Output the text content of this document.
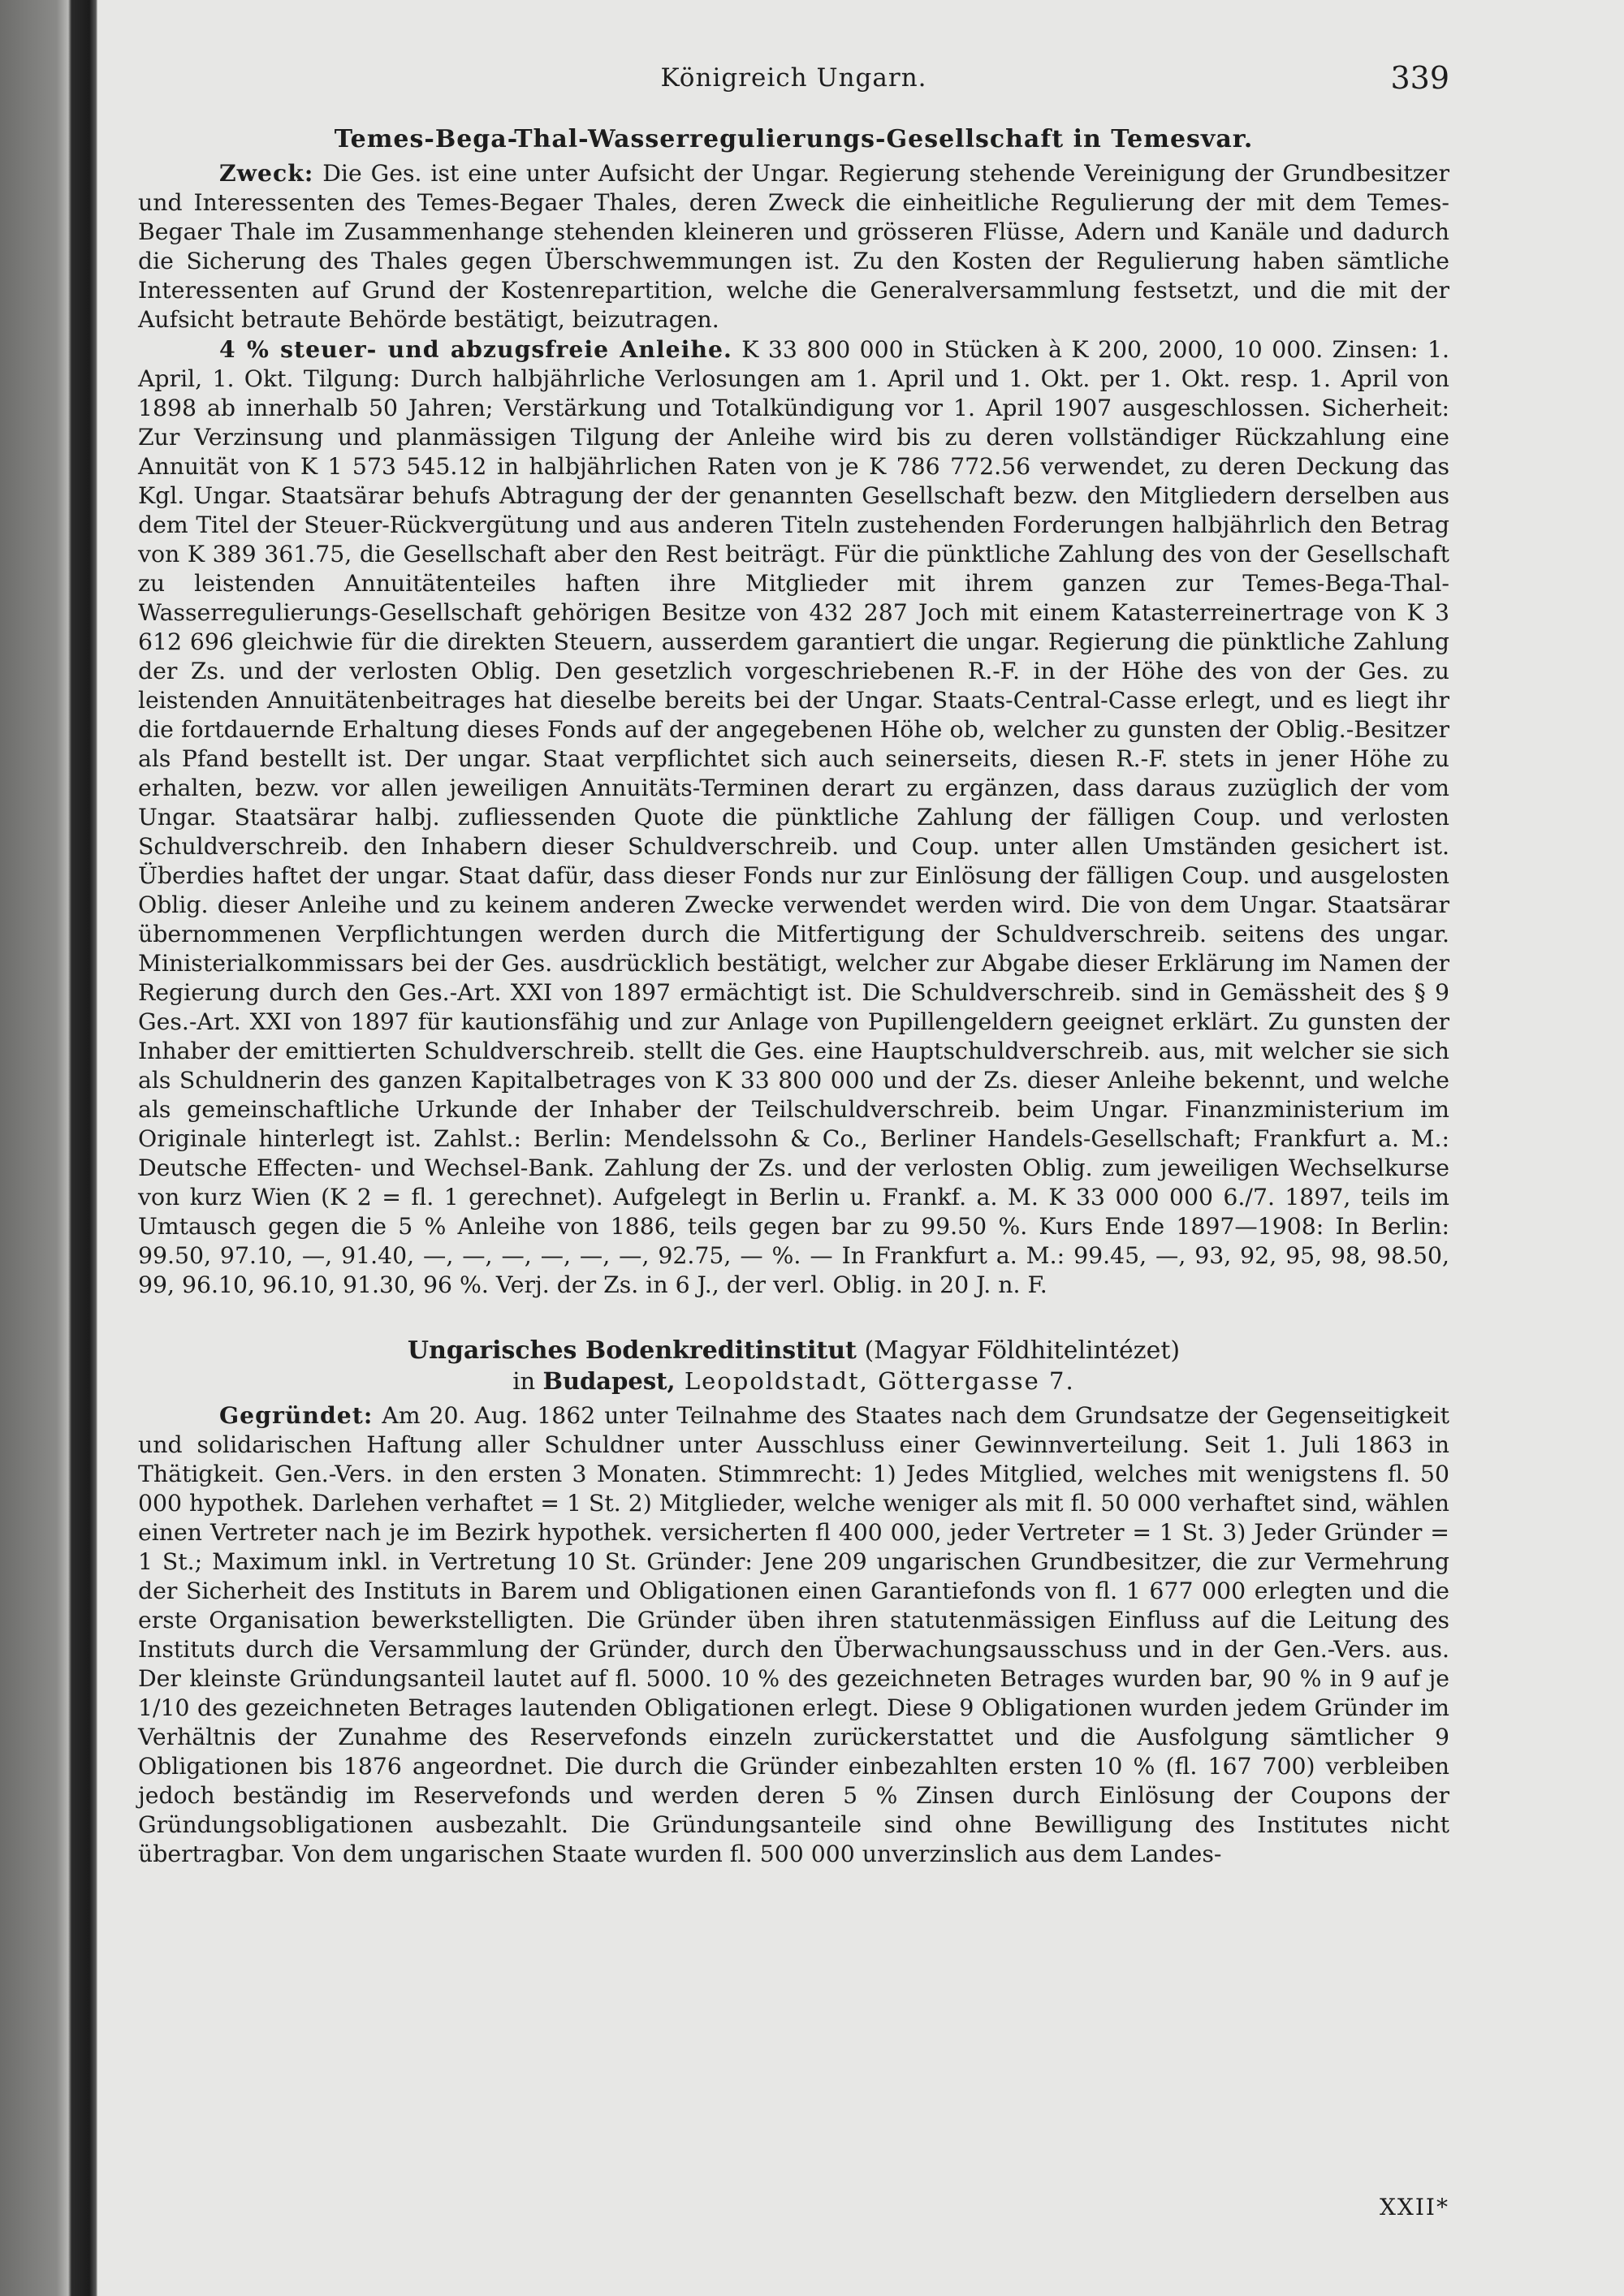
Königreich Ungarn.	339
Temes-Bega-Thal-Wasserregulierungs-Gesellschaft in Temesvar.

Zweck: Die Ges. ist eine unter Aufsicht der Ungar. Regierung stehende Vereinigung der Grundbesitzer und Interessenten des Temes-Begaer Thales, deren Zweck die einheitliche Regulierung der mit dem Temes-Begaer Thale im Zusammenhange stehenden kleineren und grösseren Flüsse, Adern und Kanäle und dadurch die Sicherung des Thales gegen Überschwemmungen ist. Zu den Kosten der Regulierung haben sämtliche Interessenten auf Grund der Kostenrepartition, welche die Generalversammlung festsetzt, und die mit der Aufsicht betraute Behörde bestätigt, beizutragen.

4 % steuer- und abzugsfreie Anleihe. K 33 800 000 in Stücken à K 200, 2000, 10 000. Zinsen: 1. April, 1. Okt. Tilgung: Durch halbjährliche Verlosungen am 1. April und 1. Okt. per 1. Okt. resp. 1. April von 1898 ab innerhalb 50 Jahren; Verstärkung und Totalkündigung vor 1. April 1907 ausgeschlossen. Sicherheit: Zur Verzinsung und planmässigen Tilgung der Anleihe wird bis zu deren vollständiger Rückzahlung eine Annuität von K 1 573 545.12 in halbjährlichen Raten von je K 786 772.56 verwendet, zu deren Deckung das Kgl. Ungar. Staatsärar behufs Abtragung der der genannten Gesellschaft bezw. den Mitgliedern derselben aus dem Titel der Steuer-Rückvergütung und aus anderen Titeln zustehenden Forderungen halbjährlich den Betrag von K 389 361.75, die Gesellschaft aber den Rest beiträgt. Für die pünktliche Zahlung des von der Gesellschaft zu leistenden Annuitätenteiles haften ihre Mitglieder mit ihrem ganzen zur Temes-Bega-Thal-Wasserregulierungs-Gesellschaft gehörigen Besitze von 432 287 Joch mit einem Katasterreinertrage von K 3 612 696 gleichwie für die direkten Steuern, ausserdem garantiert die ungar. Regierung die pünktliche Zahlung der Zs. und der verlosten Oblig. Den gesetzlich vorgeschriebenen R.-F. in der Höhe des von der Ges. zu leistenden Annuitätenbeitrages hat dieselbe bereits bei der Ungar. Staats-Central-Casse erlegt, und es liegt ihr die fortdauernde Erhaltung dieses Fonds auf der angegebenen Höhe ob, welcher zu gunsten der Oblig.-Besitzer als Pfand bestellt ist. Der ungar. Staat verpflichtet sich auch seinerseits, diesen R.-F. stets in jener Höhe zu erhalten, bezw. vor allen jeweiligen Annuitäts-Terminen derart zu ergänzen, dass daraus zuzüglich der vom Ungar. Staatsärar halbj. zufliessenden Quote die pünktliche Zahlung der fälligen Coup. und verlosten Schuldverschreib. den Inhabern dieser Schuldverschreib. und Coup. unter allen Umständen gesichert ist. Überdies haftet der ungar. Staat dafür, dass dieser Fonds nur zur Einlösung der fälligen Coup. und ausgelosten Oblig. dieser Anleihe und zu keinem anderen Zwecke verwendet werden wird. Die von dem Ungar. Staatsärar übernommenen Verpflichtungen werden durch die Mitfertigung der Schuldverschreib. seitens des ungar. Ministerialkommissars bei der Ges. ausdrücklich bestätigt, welcher zur Abgabe dieser Erklärung im Namen der Regierung durch den Ges.-Art. XXI von 1897 ermächtigt ist. Die Schuldverschreib. sind in Gemässheit des § 9 Ges.-Art. XXI von 1897 für kautionsfähig und zur Anlage von Pupillengeldern geeignet erklärt. Zu gunsten der Inhaber der emittierten Schuldverschreib. stellt die Ges. eine Hauptschuldverschreib. aus, mit welcher sie sich als Schuldnerin des ganzen Kapitalbetrages von K 33 800 000 und der Zs. dieser Anleihe bekennt, und welche als gemeinschaftliche Urkunde der Inhaber der Teilschuldverschreib. beim Ungar. Finanzministerium im Originale hinterlegt ist. Zahlst.: Berlin: Mendelssohn & Co., Berliner Handels-Gesellschaft; Frankfurt a. M.: Deutsche Effecten- und Wechsel-Bank. Zahlung der Zs. und der verlosten Oblig. zum jeweiligen Wechselkurse von kurz Wien (K 2 = fl. 1 gerechnet). Aufgelegt in Berlin u. Frankf. a. M. K 33 000 000 6./7. 1897, teils im Umtausch gegen die 5 % Anleihe von 1886, teils gegen bar zu 99.50 %. Kurs Ende 1897—1908: In Berlin: 99.50, 97.10, —, 91.40, —, —, —, —, —, —, 92.75, — %. — In Frankfurt a. M.: 99.45, —, 93, 92, 95, 98, 98.50, 99, 96.10, 96.10, 91.30, 96 %. Verj. der Zs. in 6 J., der verl. Oblig. in 20 J. n. F.

Ungarisches Bodenkreditinstitut (Magyar Földhitelintézet)
in Budapest, Leopoldstadt, Göttergasse 7.

Gegründet: Am 20. Aug. 1862 unter Teilnahme des Staates nach dem Grundsatze der Gegenseitigkeit und solidarischen Haftung aller Schuldner unter Ausschluss einer Gewinnverteilung. Seit 1. Juli 1863 in Thätigkeit. Gen.-Vers. in den ersten 3 Monaten. Stimmrecht: 1) Jedes Mitglied, welches mit wenigstens fl. 50 000 hypothek. Darlehen verhaftet = 1 St. 2) Mitglieder, welche weniger als mit fl. 50 000 verhaftet sind, wählen einen Vertreter nach je im Bezirk hypothek. versicherten fl 400 000, jeder Vertreter = 1 St. 3) Jeder Gründer = 1 St.; Maximum inkl. in Vertretung 10 St. Gründer: Jene 209 ungarischen Grundbesitzer, die zur Vermehrung der Sicherheit des Instituts in Barem und Obligationen einen Garantiefonds von fl. 1 677 000 erlegten und die erste Organisation bewerkstelligten. Die Gründer üben ihren statutenmässigen Einfluss auf die Leitung des Instituts durch die Versammlung der Gründer, durch den Überwachungsausschuss und in der Gen.-Vers. aus. Der kleinste Gründungsanteil lautet auf fl. 5000. 10 % des gezeichneten Betrages wurden bar, 90 % in 9 auf je 1/10 des gezeichneten Betrages lautenden Obligationen erlegt. Diese 9 Obligationen wurden jedem Gründer im Verhältnis der Zunahme des Reservefonds einzeln zurückerstattet und die Ausfolgung sämtlicher 9 Obligationen bis 1876 angeordnet. Die durch die Gründer einbezahlten ersten 10 % (fl. 167 700) verbleiben jedoch beständig im Reservefonds und werden deren 5 % Zinsen durch Einlösung der Coupons der Gründungsobligationen ausbezahlt. Die Gründungsanteile sind ohne Bewilligung des Institutes nicht übertragbar. Von dem ungarischen Staate wurden fl. 500 000 unverzinslich aus dem Landes-

XXII*
